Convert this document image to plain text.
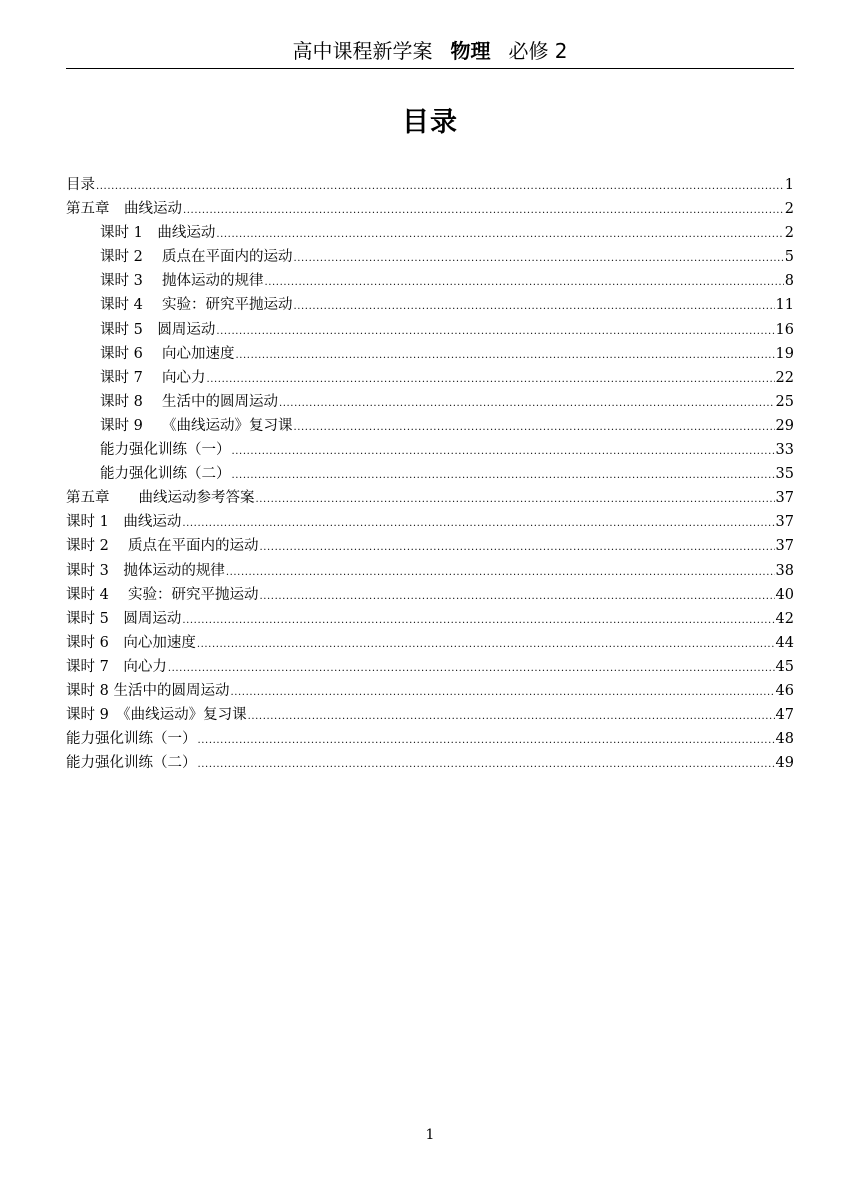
高中课程新学案 物理 必修 2
目录
目录 .....	1
第五章　曲线运动 .....	2
课时 1　曲线运动 .....	2
课时 2　 质点在平面内的运动 .....	5
课时 3　 抛体运动的规律 .....	8
课时 4　 实验：研究平抛运动 .....	11
课时 5　圆周运动 .....	16
课时 6　 向心加速度 .....	19
课时 7　 向心力 .....	22
课时 8　 生活中的圆周运动 .....	25
课时 9　 《曲线运动》复习课 .....	29
能力强化训练（一） .....	33
能力强化训练（二） .....	35
第五章　　曲线运动参考答案 .....	37
课时 1　曲线运动 .....	37
课时 2　 质点在平面内的运动 .....	37
课时 3　抛体运动的规律 .....	38
课时 4　 实验：研究平抛运动 .....	40
课时 5　圆周运动 .....	42
课时 6　向心加速度 .....	44
课时 7　向心力 .....	45
课时 8 生活中的圆周运动 .....	46
课时 9　《曲线运动》复习课 .....	47
能力强化训练（一） .....	48
能力强化训练（二） .....	49
1
